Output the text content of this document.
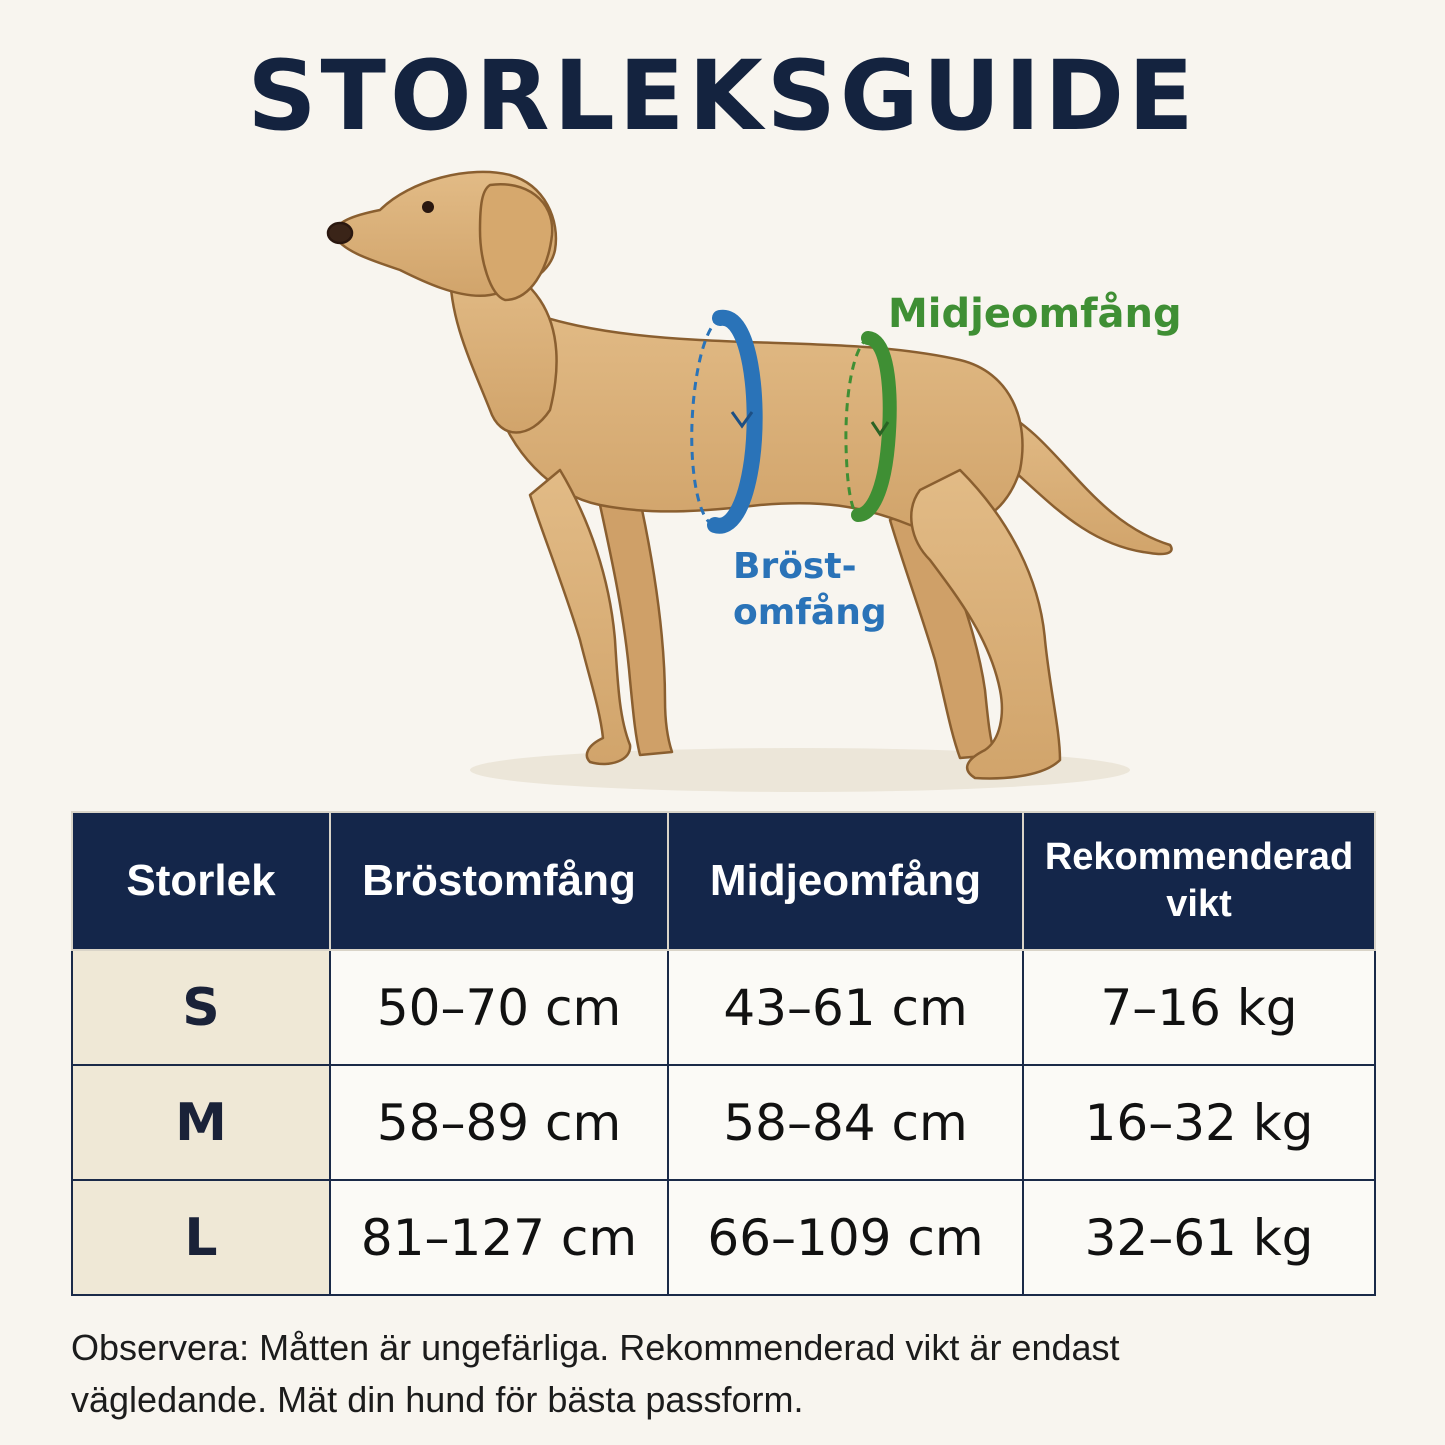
STORLEKSGUIDE
Midjeomfång
Bröst-
omfång
Storlek	Bröstomfång	Midjeomfång	Rekommenderad
vikt
S	50–70 cm	43–61 cm	7–16 kg
M	58–89 cm	58–84 cm	16–32 kg
L	81–127 cm	66–109 cm	32–61 kg
Observera: Måtten är ungefärliga. Rekommenderad vikt är endast
vägledande. Mät din hund för bästa passform.
